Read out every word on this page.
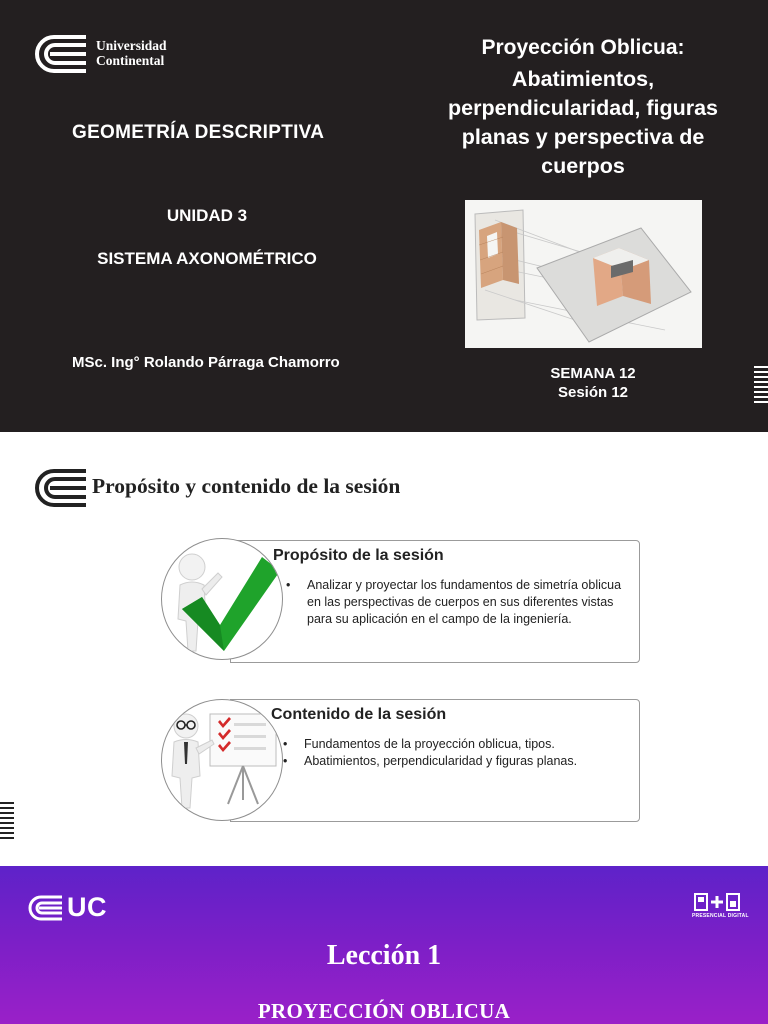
Universidad
Continental
GEOMETRÍA DESCRIPTIVA
UNIDAD 3
SISTEMA AXONOMÉTRICO
MSc. Ing° Rolando Párraga Chamorro
Proyección Oblicua:
Abatimientos, perpendicularidad, figuras planas y perspectiva de cuerpos
SEMANA 12
Sesión 12
Propósito y contenido de la sesión
Propósito de la sesión
• Analizar y proyectar los fundamentos de simetría oblicua en las perspectivas de cuerpos en sus diferentes vistas para su aplicación en el campo de la ingeniería.
Contenido de la sesión
• Fundamentos de la proyección oblicua, tipos.
• Abatimientos, perpendicularidad y figuras planas.
UC	PRESENCIAL DIGITAL
Lección 1
PROYECCIÓN OBLICUA
